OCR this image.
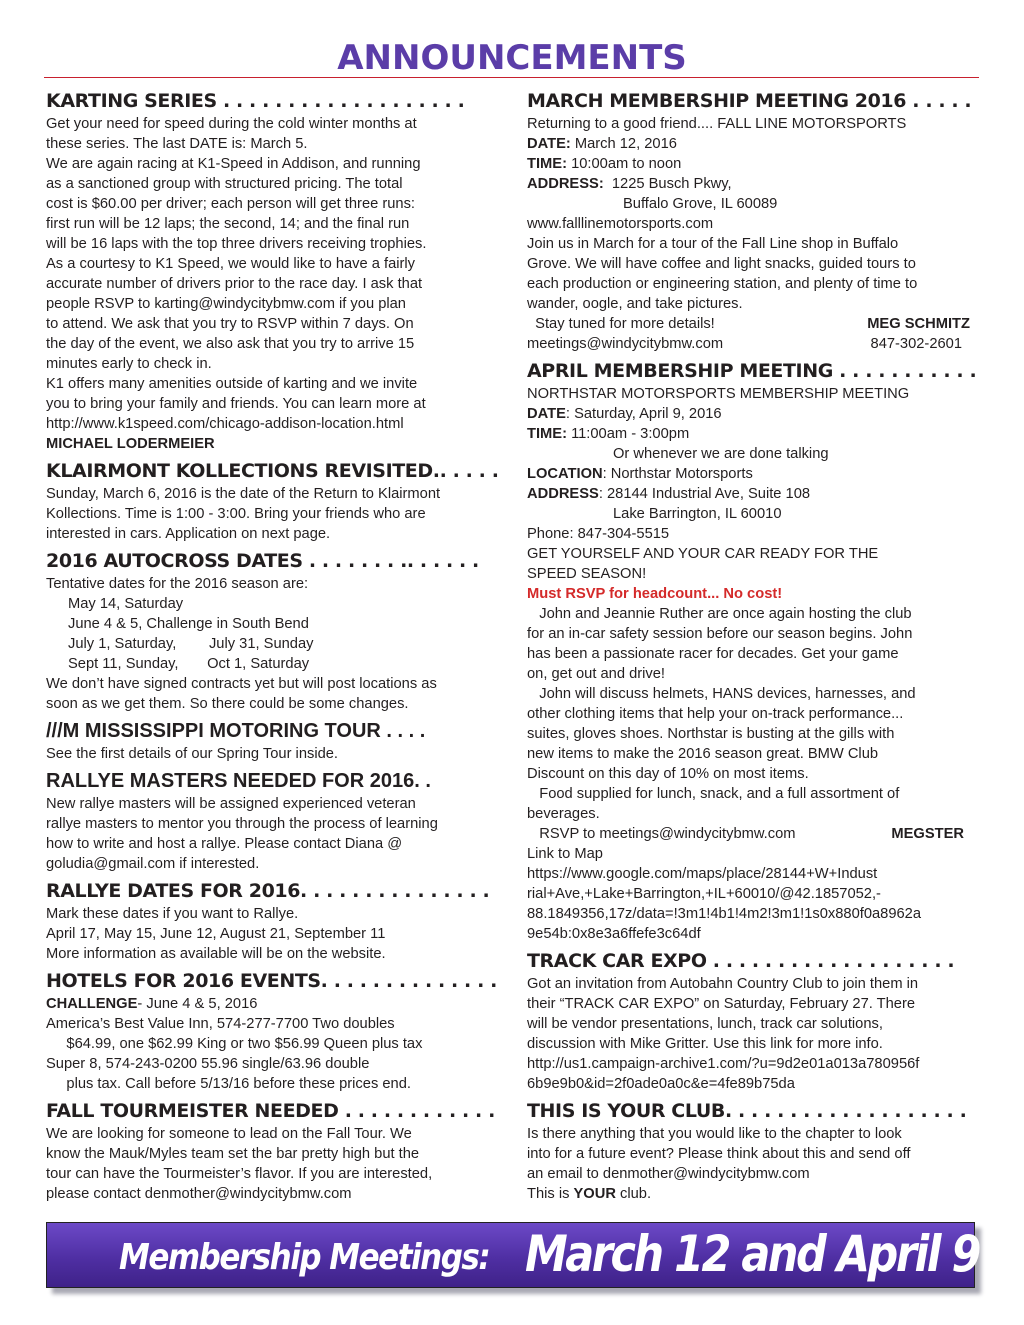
ANNOUNCEMENTS
KARTING SERIES . . . . . . . . . . . . . . . . . . .

Get your need for speed during the cold winter months at

these series. The last DATE is: March 5.

We are again racing at K1-Speed in Addison, and running

as a sanctioned group with structured pricing. The total

cost is $60.00 per driver; each person will get three runs:

first run will be 12 laps; the second, 14; and the final run

will be 16 laps with the top three drivers receiving trophies.

As a courtesy to K1 Speed, we would like to have a fairly

accurate number of drivers prior to the race day. I ask that

people RSVP to karting@windycitybmw.com if you plan

to attend. We ask that you try to RSVP within 7 days. On

the day of the event, we also ask that you try to arrive 15

minutes early to check in.

K1 offers many amenities outside of karting and we invite

you to bring your family and friends. You can learn more at

http://www.k1speed.com/chicago-addison-location.html

MICHAEL LODERMEIER

KLAIRMONT KOLLECTIONS REVISITED.. . . . .

Sunday, March 6, 2016 is the date of the Return to Klairmont

Kollections. Time is 1:00 - 3:00. Bring your friends who are

interested in cars. Application on next page.

2016 AUTOCROSS DATES . . . . . . . .. . . . . .

Tentative dates for the 2016 season are:

May 14, Saturday

June 4 & 5, Challenge in South Bend

July 1, Saturday,        July 31, Sunday

Sept 11, Sunday,       Oct 1, Saturday

We don’t have signed contracts yet but will post locations as

soon as we get them. So there could be some changes.

///M MISSISSIPPI MOTORING TOUR . . . .

See the first details of our Spring Tour inside.

RALLYE MASTERS NEEDED FOR 2016. .

New rallye masters will be assigned experienced veteran

rallye masters to mentor you through the process of learning

how to write and host a rallye. Please contact Diana @

goludia@gmail.com if interested.

RALLYE DATES FOR 2016. . . . . . . . . . . . . . .

Mark these dates if you want to Rallye.

April 17, May 15, June 12, August 21, September 11

More information as available will be on the website.

HOTELS FOR 2016 EVENTS. . . . . . . . . . . . . .

CHALLENGE- June 4 & 5, 2016

America’s Best Value Inn, 574-277-7700 Two doubles

$64.99, one $62.99 King or two $56.99 Queen plus tax

Super 8, 574-243-0200 55.96 single/63.96 double

plus tax. Call before 5/13/16 before these prices end.

FALL TOURMEISTER NEEDED . . . . . . . . . . . .

We are looking for someone to lead on the Fall Tour. We

know the Mauk/Myles team set the bar pretty high but the

tour can have the Tourmeister’s flavor. If you are interested,

please contact denmother@windycitybmw.com

MARCH MEMBERSHIP MEETING 2016 . . . . .

Returning to a good friend.... FALL LINE MOTORSPORTS

DATE: March 12, 2016

TIME: 10:00am to noon

ADDRESS:  1225 Busch Pkwy,

Buffalo Grove, IL 60089

www.falllinemotorsports.com

Join us in March for a tour of the Fall Line shop in Buffalo

Grove. We will have coffee and light snacks, guided tours to

each production or engineering station, and plenty of time to

wander, oogle, and take pictures.

Stay tuned for more details!	MEG SCHMITZ
meetings@windycitybmw.com	847-302-2601
APRIL MEMBERSHIP MEETING . . . . . . . . . . .

NORTHSTAR MOTORSPORTS MEMBERSHIP MEETING

DATE: Saturday, April 9, 2016

TIME: 11:00am - 3:00pm

Or whenever we are done talking

LOCATION: Northstar Motorsports

ADDRESS: 28144 Industrial Ave, Suite 108

Lake Barrington, IL 60010

Phone: 847-304-5515

GET YOURSELF AND YOUR CAR READY FOR THE

SPEED SEASON!

Must RSVP for headcount... No cost!

John and Jeannie Ruther are once again hosting the club

for an in-car safety session before our season begins. John

has been a passionate racer for decades. Get your game

on, get out and drive!

John will discuss helmets, HANS devices, harnesses, and

other clothing items that help your on-track performance...

suites, gloves shoes. Northstar is busting at the gills with

new items to make the 2016 season great. BMW Club

Discount on this day of 10% on most items.

Food supplied for lunch, snack, and a full assortment of

beverages.

RSVP to meetings@windycitybmw.com	MEGSTER

Link to Map

https://www.google.com/maps/place/28144+W+Indust

rial+Ave,+Lake+Barrington,+IL+60010/@42.1857052,-

88.1849356,17z/data=!3m1!4b1!4m2!3m1!1s0x880f0a8962a

9e54b:0x8e3a6ffefe3c64df

TRACK CAR EXPO . . . . . . . . . . . . . . . . . . .

Got an invitation from Autobahn Country Club to join them in

their “TRACK CAR EXPO” on Saturday, February 27. There

will be vendor presentations, lunch, track car solutions,

discussion with Mike Gritter. Use this link for more info.

http://us1.campaign-archive1.com/?u=9d2e01a013a780956f

6b9e9b0&id=2f0ade0a0c&e=4fe89b75da

THIS IS YOUR CLUB. . . . . . . . . . . . . . . . . . .

Is there anything that you would like to the chapter to look

into for a future event? Please think about this and send off

an email to denmother@windycitybmw.com

This is YOUR club.

Membership Meetings: March 12 and April 9
